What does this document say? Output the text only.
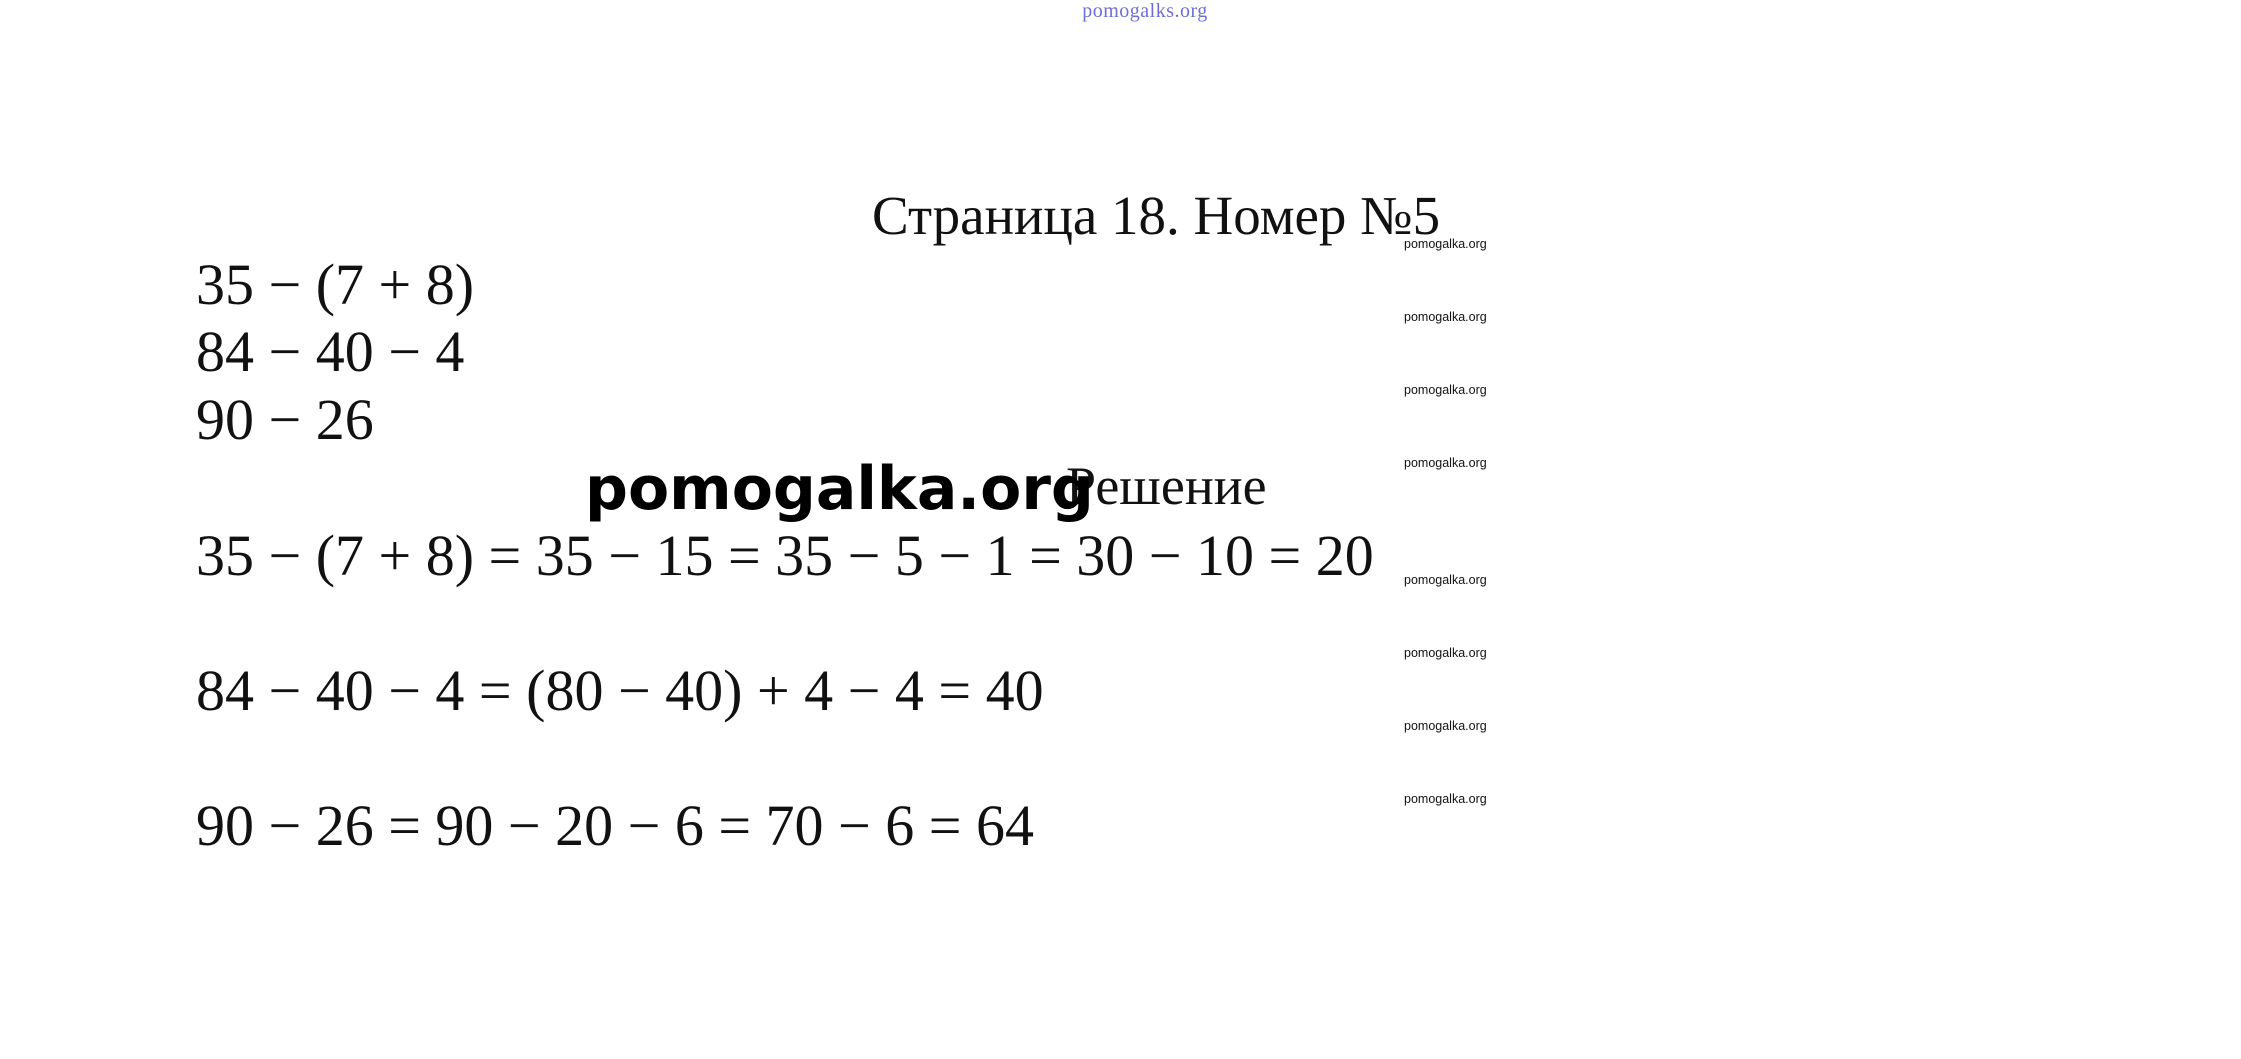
pomogalks.org
Страница 18. Номер №5
35 − (7 + 8)
84 − 40 − 4
90 − 26
pomogalka.org
Решение
35 − (7 + 8) = 35 − 15 = 35 − 5 − 1 = 30 − 10 = 20
84 − 40 − 4 = (80 − 40) + 4 − 4 = 40
90 − 26 = 90 − 20 − 6 = 70 − 6 = 64
pomogalka.org
pomogalka.org
pomogalka.org
pomogalka.org
pomogalka.org
pomogalka.org
pomogalka.org
pomogalka.org
